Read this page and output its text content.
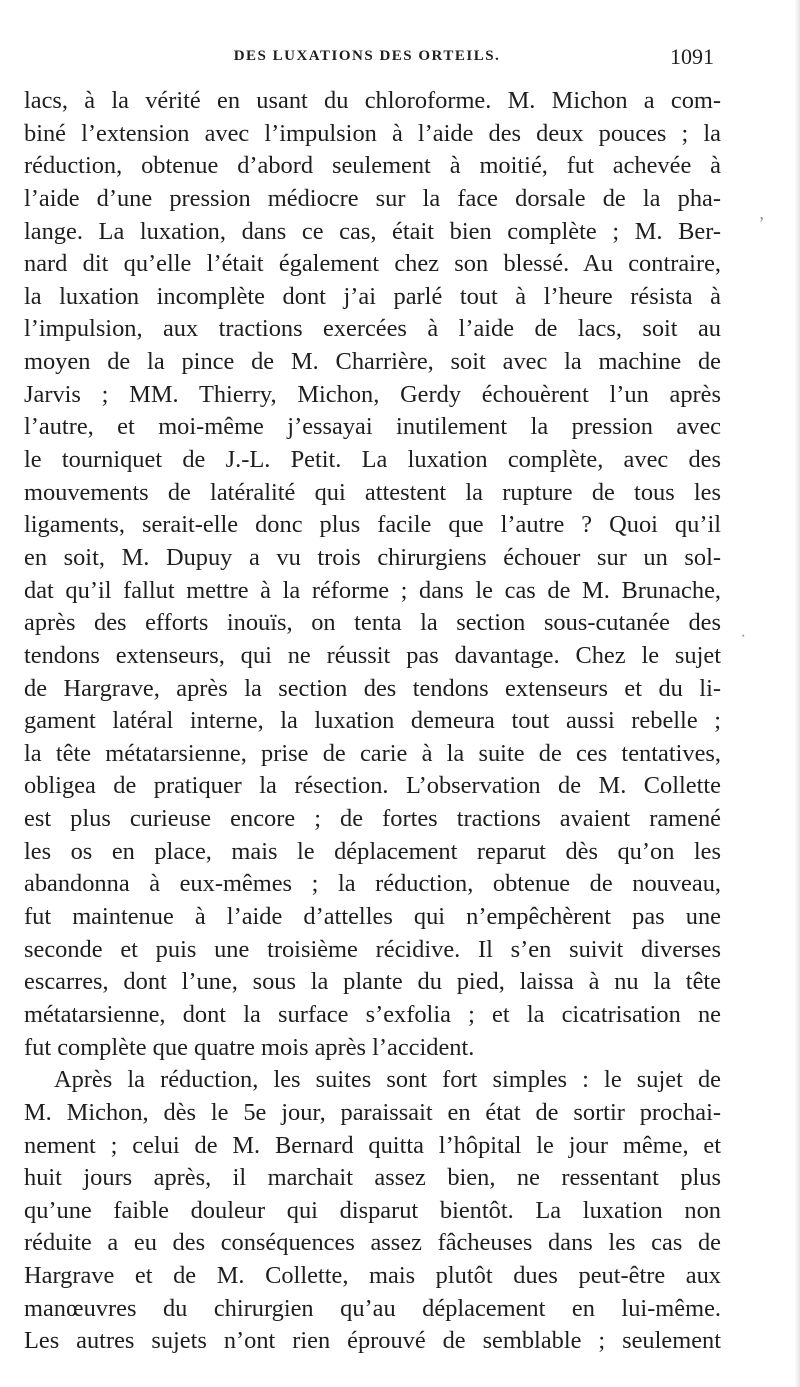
DES LUXATIONS DES ORTEILS.	1091
lacs, à la vérité en usant du chloroforme. M. Michon a com-
biné l’extension avec l’impulsion à l’aide des deux pouces ; la
réduction, obtenue d’abord seulement à moitié, fut achevée à
l’aide d’une pression médiocre sur la face dorsale de la pha-
lange. La luxation, dans ce cas, était bien complète ; M. Ber-
nard dit qu’elle l’était également chez son blessé. Au contraire,
la luxation incomplète dont j’ai parlé tout à l’heure résista à
l’impulsion, aux tractions exercées à l’aide de lacs, soit au
moyen de la pince de M. Charrière, soit avec la machine de
Jarvis ; MM. Thierry, Michon, Gerdy échouèrent l’un après
l’autre, et moi-même j’essayai inutilement la pression avec
le tourniquet de J.-L. Petit. La luxation complète, avec des
mouvements de latéralité qui attestent la rupture de tous les
ligaments, serait-elle donc plus facile que l’autre ? Quoi qu’il
en soit, M. Dupuy a vu trois chirurgiens échouer sur un sol-
dat qu’il fallut mettre à la réforme ; dans le cas de M. Brunache,
après des efforts inouïs, on tenta la section sous-cutanée des
tendons extenseurs, qui ne réussit pas davantage. Chez le sujet
de Hargrave, après la section des tendons extenseurs et du li-
gament latéral interne, la luxation demeura tout aussi rebelle ;
la tête métatarsienne, prise de carie à la suite de ces tentatives,
obligea de pratiquer la résection. L’observation de M. Collette
est plus curieuse encore ; de fortes tractions avaient ramené
les os en place, mais le déplacement reparut dès qu’on les
abandonna à eux-mêmes ; la réduction, obtenue de nouveau,
fut maintenue à l’aide d’attelles qui n’empêchèrent pas une
seconde et puis une troisième récidive. Il s’en suivit diverses
escarres, dont l’une, sous la plante du pied, laissa à nu la tête
métatarsienne, dont la surface s’exfolia ; et la cicatrisation ne
fut complète que quatre mois après l’accident.
Après la réduction, les suites sont fort simples : le sujet de
M. Michon, dès le 5e jour, paraissait en état de sortir prochai-
nement ; celui de M. Bernard quitta l’hôpital le jour même, et
huit jours après, il marchait assez bien, ne ressentant plus
qu’une faible douleur qui disparut bientôt. La luxation non
réduite a eu des conséquences assez fâcheuses dans les cas de
Hargrave et de M. Collette, mais plutôt dues peut-être aux
manœuvres du chirurgien qu’au déplacement en lui-même.
Les autres sujets n’ont rien éprouvé de semblable ; seulement
·
,
